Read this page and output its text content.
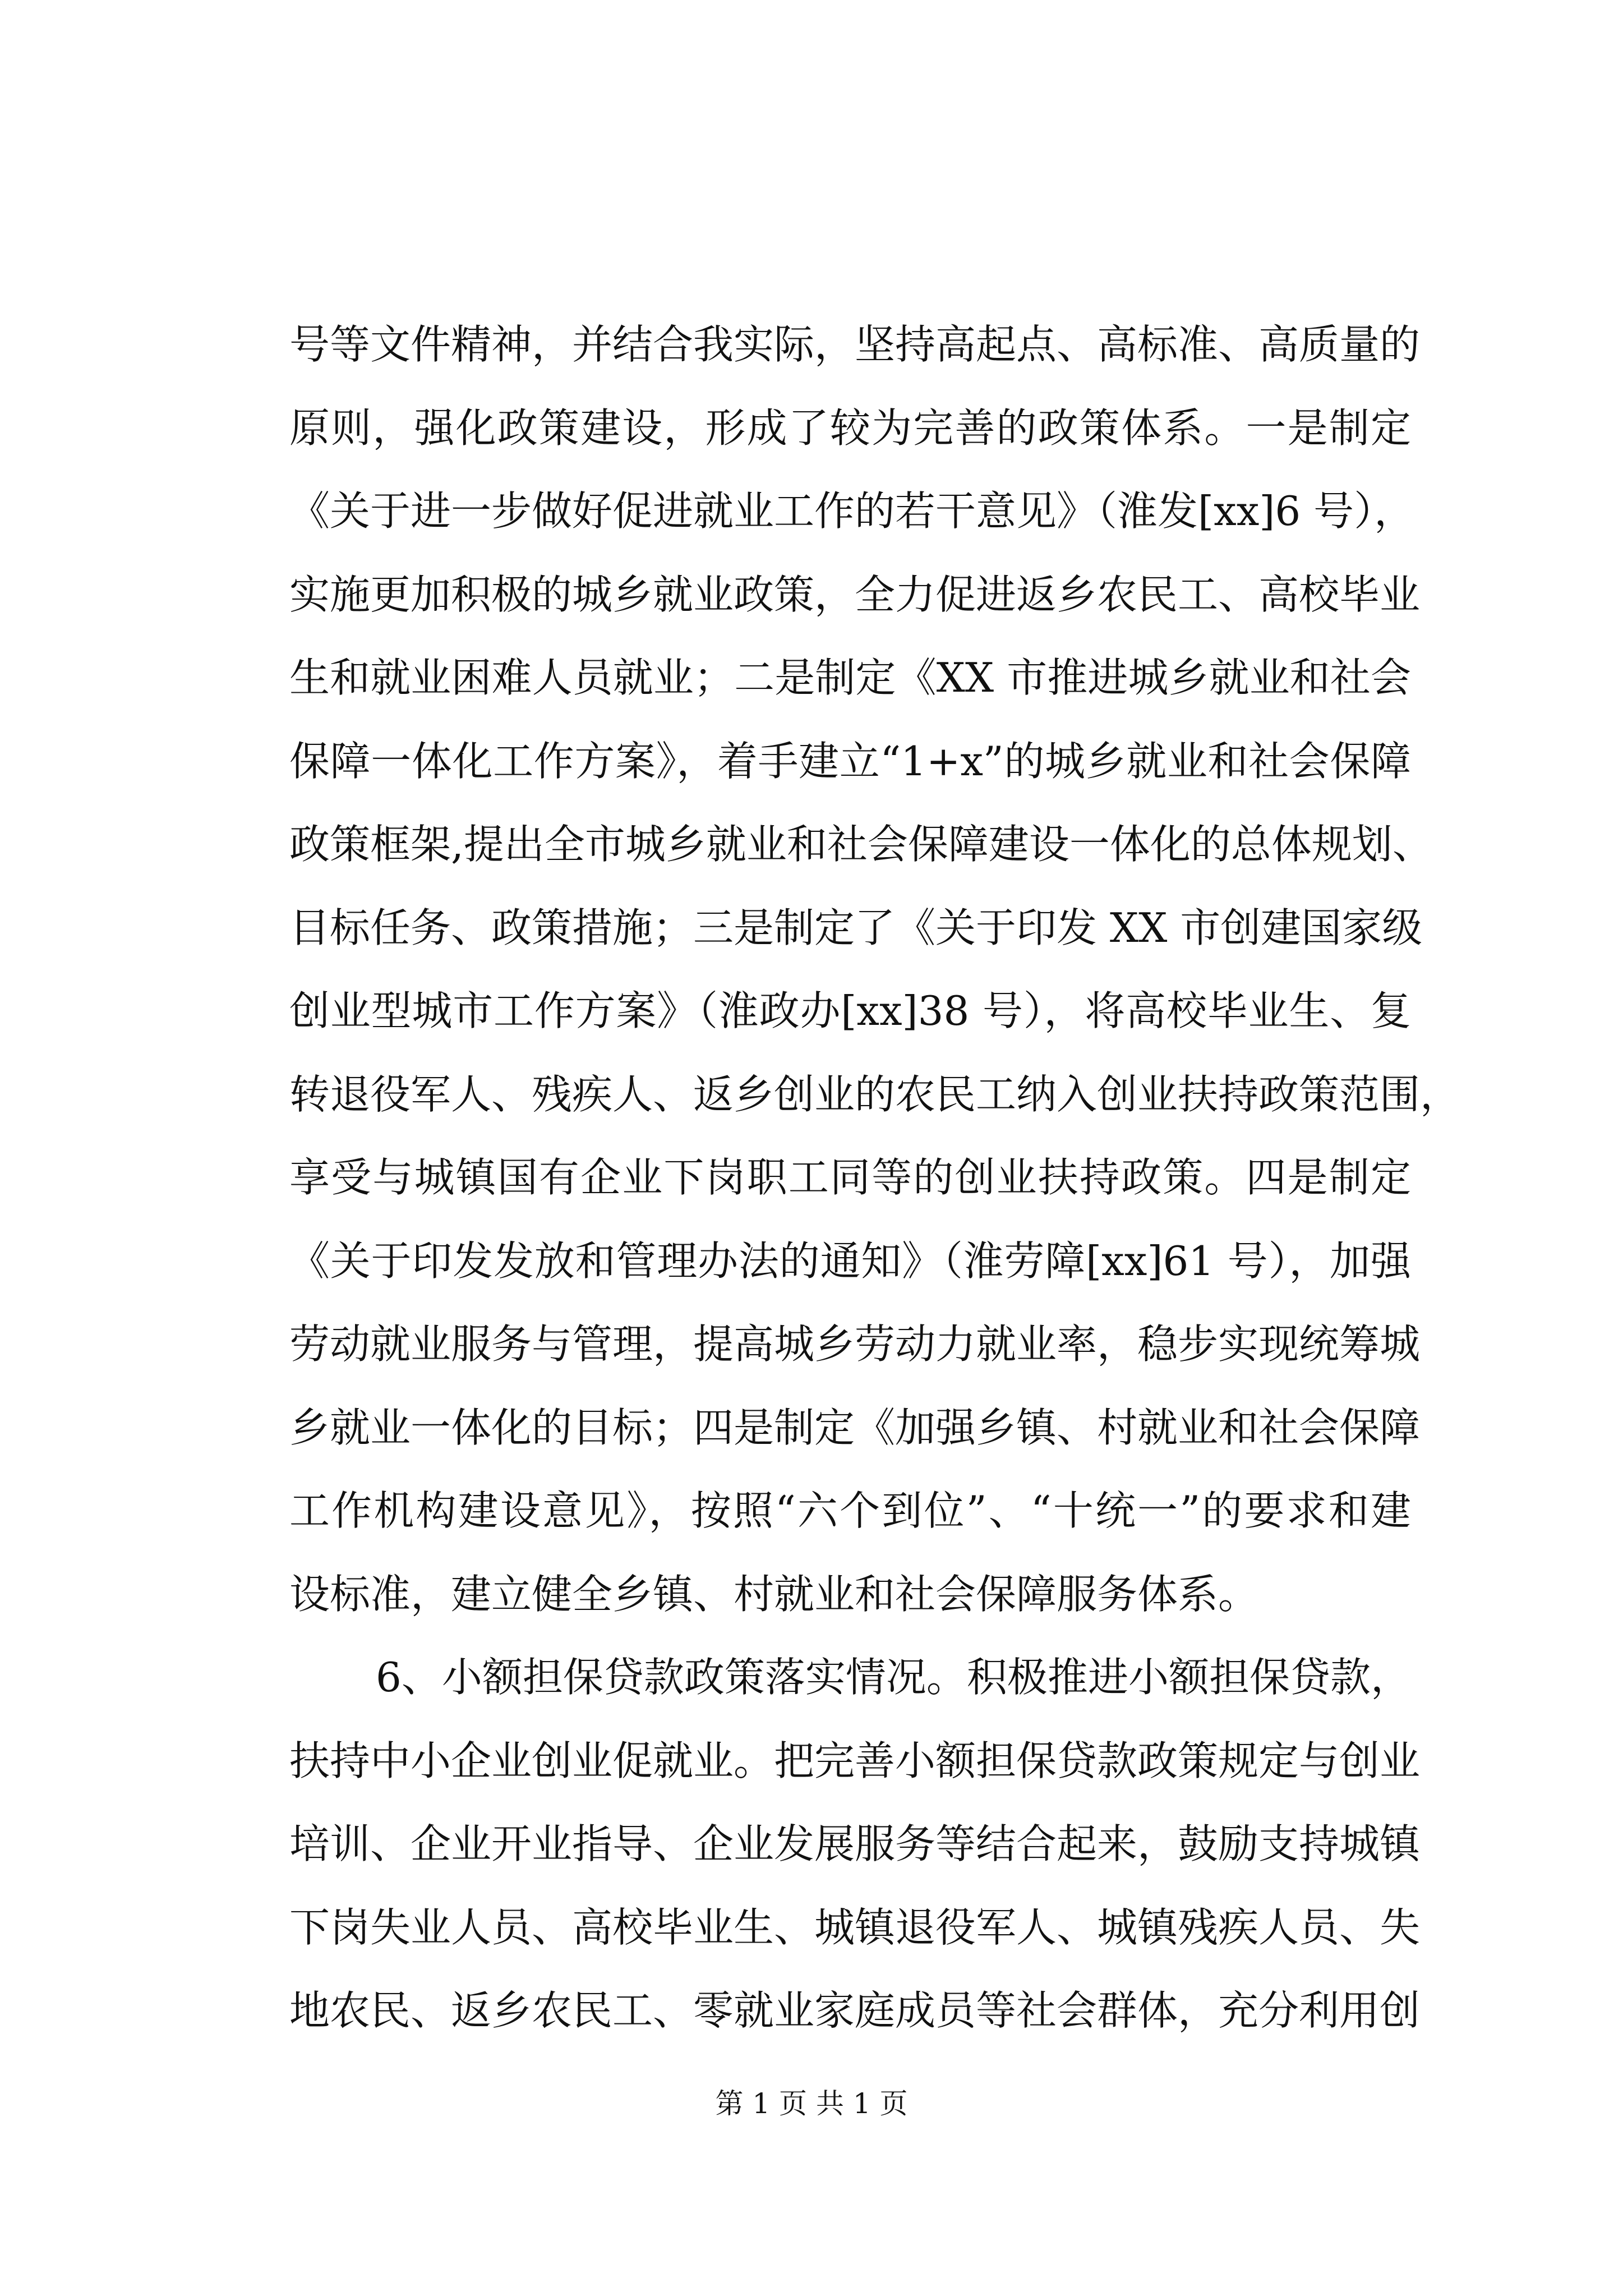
号等文件精神，并结合我实际，坚持高起点、高标准、高质量的
原则，强化政策建设，形成了较为完善的政策体系。一是制定
《关于进一步做好促进就业工作的若干意见》（淮发[xx]6 号），
实施更加积极的城乡就业政策，全力促进返乡农民工、高校毕业
生和就业困难人员就业；二是制定《XX 市推进城乡就业和社会
保障一体化工作方案》，着手建立“1+x”的城乡就业和社会保障
政策框架,提出全市城乡就业和社会保障建设一体化的总体规划、
目标任务、政策措施；三是制定了《关于印发 XX 市创建国家级
创业型城市工作方案》（淮政办[xx]38 号），将高校毕业生、复
转退役军人、残疾人、返乡创业的农民工纳入创业扶持政策范围，
享受与城镇国有企业下岗职工同等的创业扶持政策。四是制定
《关于印发发放和管理办法的通知》（淮劳障[xx]61 号），加强
劳动就业服务与管理，提高城乡劳动力就业率，稳步实现统筹城
乡就业一体化的目标；四是制定《加强乡镇、村就业和社会保障
工作机构建设意见》，按照“六个到位”、“十统一”的要求和建
设标准，建立健全乡镇、村就业和社会保障服务体系。
6、小额担保贷款政策落实情况。积极推进小额担保贷款，
扶持中小企业创业促就业。把完善小额担保贷款政策规定与创业
培训、企业开业指导、企业发展服务等结合起来，鼓励支持城镇
下岗失业人员、高校毕业生、城镇退役军人、城镇残疾人员、失
地农民、返乡农民工、零就业家庭成员等社会群体，充分利用创
第 1 页 共 1 页
